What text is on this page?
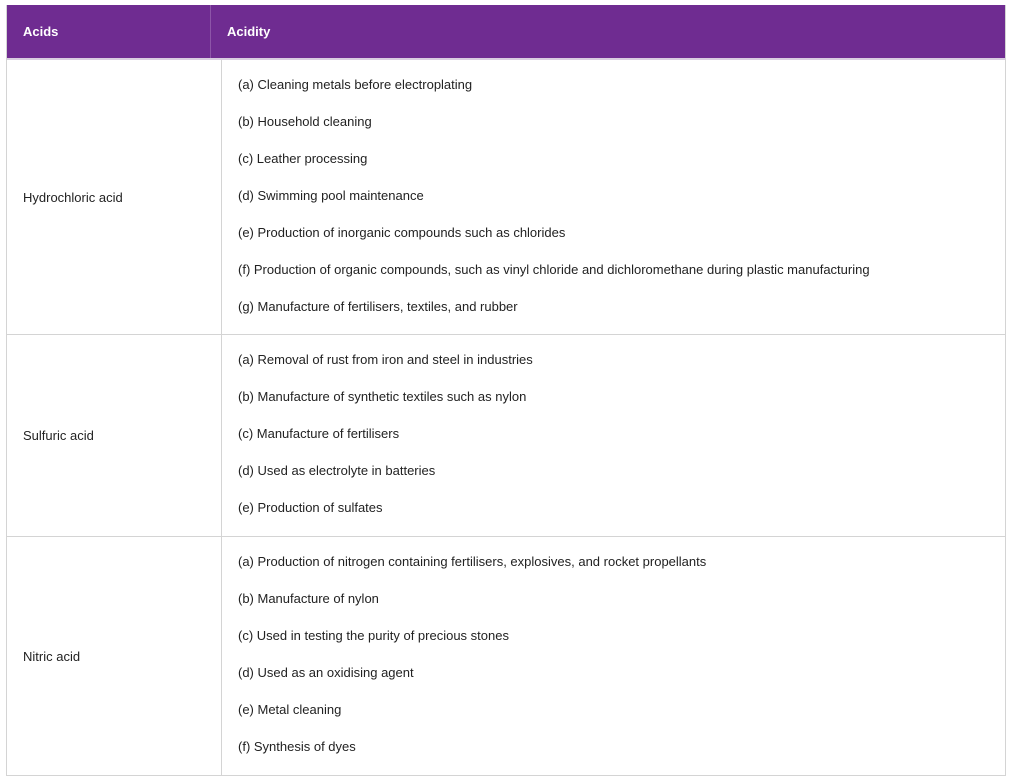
Acids	Acidity
Hydrochloric acid
(a) Cleaning metals before electroplating
(b) Household cleaning
(c) Leather processing
(d) Swimming pool maintenance
(e) Production of inorganic compounds such as chlorides
(f) Production of organic compounds, such as vinyl chloride and dichloromethane during plastic manufacturing
(g) Manufacture of fertilisers, textiles, and rubber
Sulfuric acid
(a) Removal of rust from iron and steel in industries
(b) Manufacture of synthetic textiles such as nylon
(c) Manufacture of fertilisers
(d) Used as electrolyte in batteries
(e) Production of sulfates
Nitric acid
(a) Production of nitrogen containing fertilisers, explosives, and rocket propellants
(b) Manufacture of nylon
(c) Used in testing the purity of precious stones
(d) Used as an oxidising agent
(e) Metal cleaning
(f) Synthesis of dyes
